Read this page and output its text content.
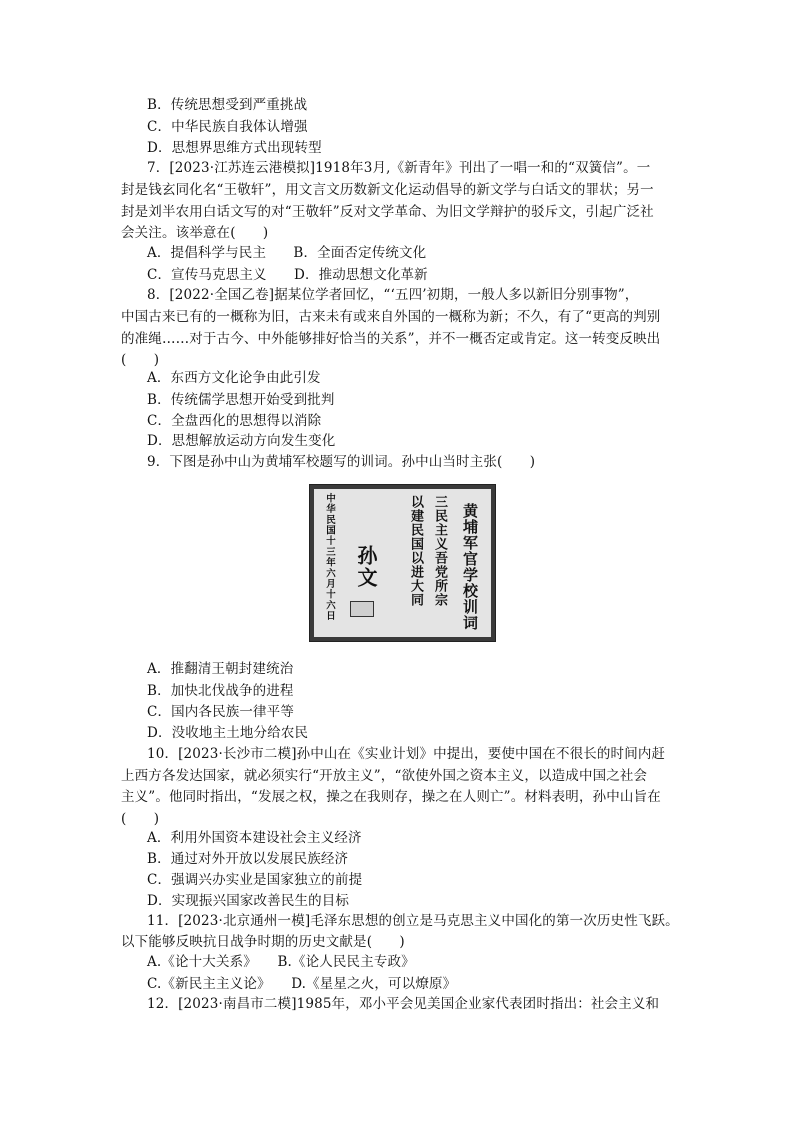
B．传统思想受到严重挑战
C．中华民族自我体认增强
D．思想界思维方式出现转型
7．[2023·江苏连云港模拟]1918年3月,《新青年》刊出了一唱一和的“双簧信”。一
封是钱玄同化名“王敬轩”，用文言文历数新文化运动倡导的新文学与白话文的罪状；另一
封是刘半农用白话文写的对“王敬轩”反对文学革命、为旧文学辩护的驳斥文，引起广泛社
会关注。该举意在(　　)
A．提倡科学与民主　　B．全面否定传统文化
C．宣传马克思主义　　D．推动思想文化革新
8．[2022·全国乙卷]据某位学者回忆，“‘五四’初期，一般人多以新旧分别事物”，
中国古来已有的一概称为旧，古来未有或来自外国的一概称为新；不久，有了“更高的判别
的准绳……对于古今、中外能够排好恰当的关系”，并不一概否定或肯定。这一转变反映出
(　　)
A．东西方文化论争由此引发
B．传统儒学思想开始受到批判
C．全盘西化的思想得以消除
D．思想解放运动方向发生变化
9．下图是孙中山为黄埔军校题写的训词。孙中山当时主张(　　)
A．推翻清王朝封建统治
B．加快北伐战争的进程
C．国内各民族一律平等
D．没收地主土地分给农民
10．[2023·长沙市二模]孙中山在《实业计划》中提出，要使中国在不很长的时间内赶
上西方各发达国家，就必须实行“开放主义”，“欲使外国之资本主义，以造成中国之社会
主义”。他同时指出，“发展之权，操之在我则存，操之在人则亡”。材料表明，孙中山旨在
(　　)
A．利用外国资本建设社会主义经济
B．通过对外开放以发展民族经济
C．强调兴办实业是国家独立的前提
D．实现振兴国家改善民生的目标
11．[2023·北京通州一模]毛泽东思想的创立是马克思主义中国化的第一次历史性飞跃。
以下能够反映抗日战争时期的历史文献是(　　)
A.《论十大关系》　　B.《论人民民主专政》
C.《新民主主义论》　　D.《星星之火，可以燎原》
12．[2023·南昌市二模]1985年，邓小平会见美国企业家代表团时指出：社会主义和
黄埔军官学校训词
三民主义吾党所宗
以建民国以进大同
孙文
中华民国十三年六月十六日
